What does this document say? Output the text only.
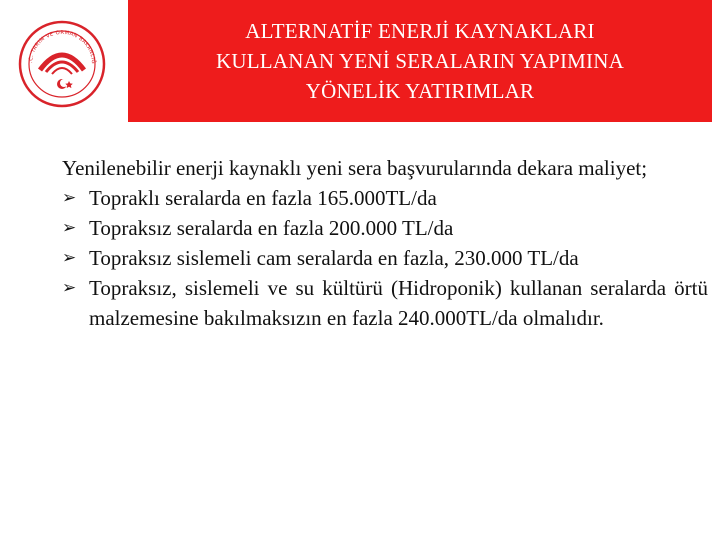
.C. TARIM VE ORMAN BAKANLIĞ
ALTERNATİF ENERJİ KAYNAKLARI
KULLANAN YENİ SERALARIN YAPIMINA
YÖNELİK YATIRIMLAR

Yenilenebilir enerji kaynaklı yeni sera başvurularında dekara maliyet;

➢ Topraklı seralarda en fazla 165.000TL/da
➢ Topraksız seralarda en fazla 200.000 TL/da
➢ Topraksız sislemeli cam seralarda en fazla, 230.000 TL/da
➢ Topraksız, sislemeli ve su kültürü (Hidroponik) kullanan seralarda örtü malzemesine bakılmaksızın en fazla 240.000TL/da olmalıdır.
